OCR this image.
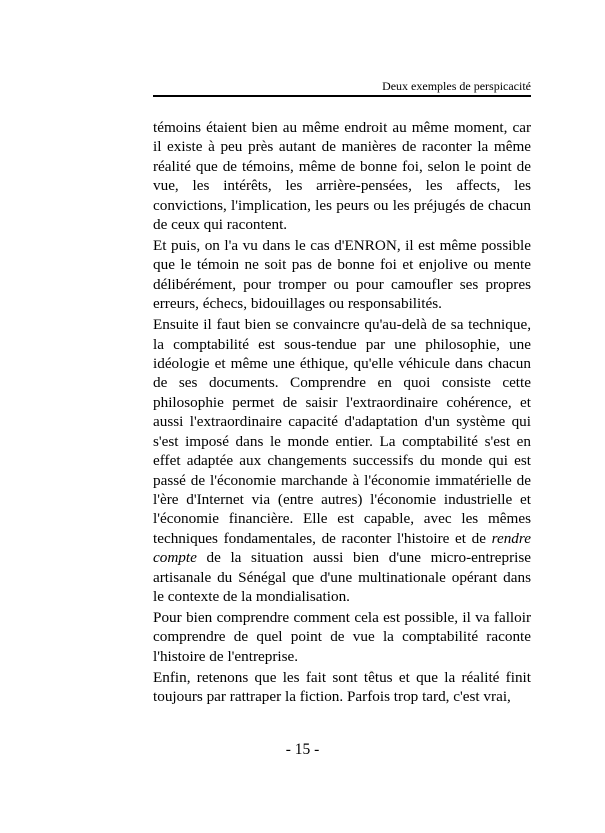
Deux exemples de perspicacité

témoins étaient bien au même endroit au même moment, car il existe à peu près autant de manières de raconter la même réalité que de témoins, même de bonne foi, selon le point de vue, les intérêts, les arrière-pensées, les affects, les convictions, l'implication, les peurs ou les préjugés de chacun de ceux qui racontent.

Et puis, on l'a vu dans le cas d'ENRON, il est même possible que le témoin ne soit pas de bonne foi et enjolive ou mente délibérément, pour tromper ou pour camoufler ses propres erreurs, échecs, bidouillages ou responsabilités.

Ensuite il faut bien se convaincre qu'au-delà de sa technique, la comptabilité est sous-tendue par une philosophie, une idéologie et même une éthique, qu'elle véhicule dans chacun de ses documents. Comprendre en quoi consiste cette philosophie permet de saisir l'extraordinaire cohérence, et aussi l'extraordinaire capacité d'adaptation d'un système qui s'est imposé dans le monde entier. La comptabilité s'est en effet adaptée aux changements successifs du monde qui est passé de l'économie marchande à l'économie immatérielle de l'ère d'Internet via (entre autres) l'économie industrielle et l'économie financière. Elle est capable, avec les mêmes techniques fondamentales, de raconter l'histoire et de rendre compte de la situation aussi bien d'une micro-entreprise artisanale du Sénégal que d'une multinationale opérant dans le contexte de la mondialisation.

Pour bien comprendre comment cela est possible, il va falloir comprendre de quel point de vue la comptabilité raconte l'histoire de l'entreprise.

Enfin, retenons que les fait sont têtus et que la réalité finit toujours par rattraper la fiction. Parfois trop tard, c'est vrai,

- 15 -
